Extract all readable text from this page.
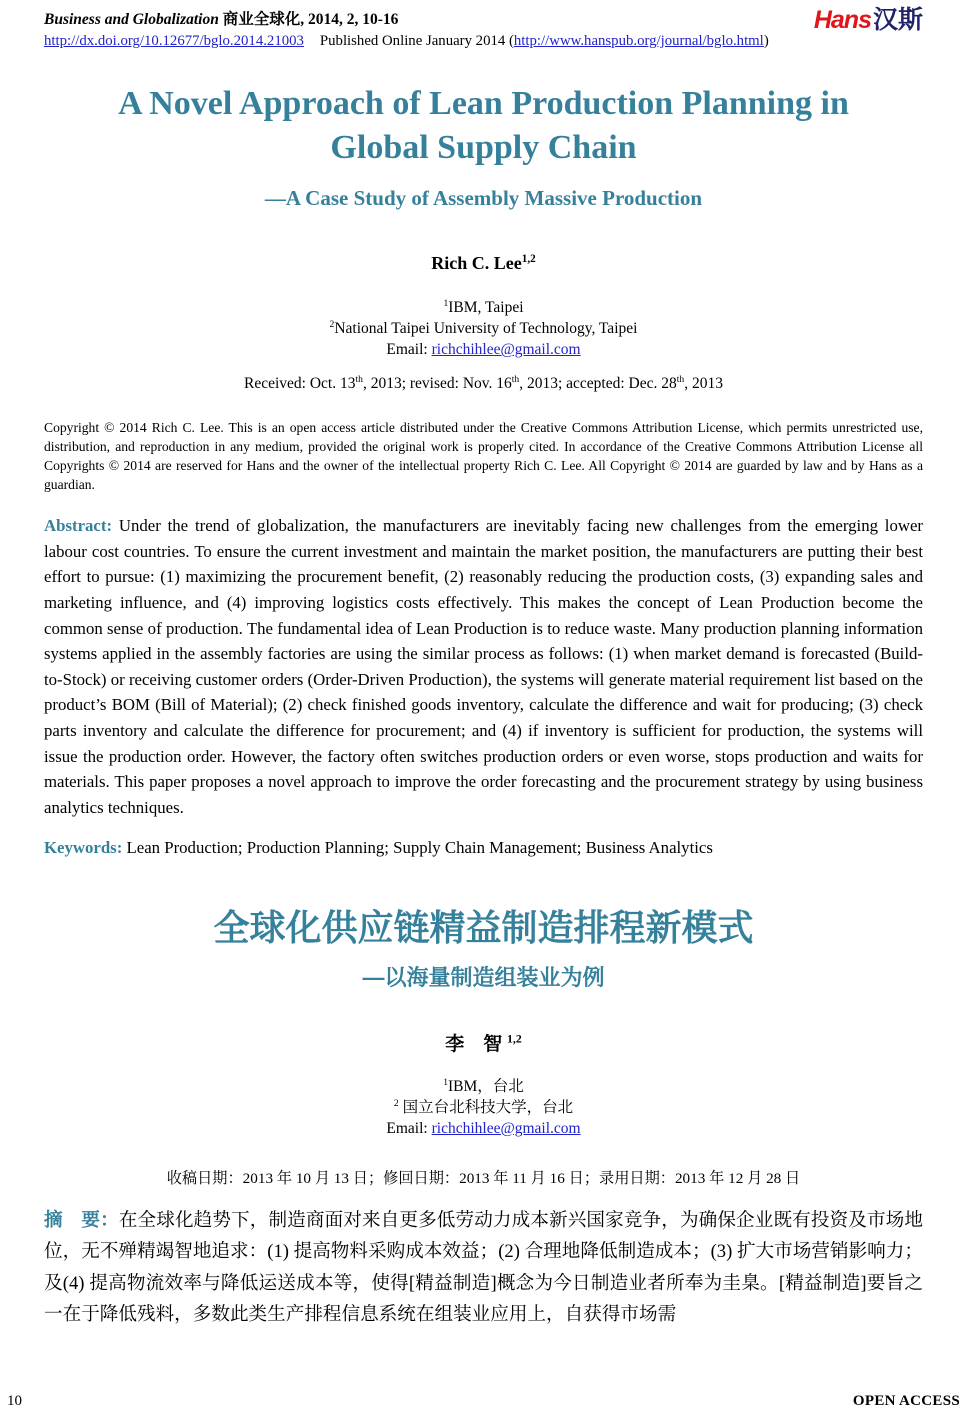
Business and Globalization 商业全球化, 2014, 2, 10-16
http://dx.doi.org/10.12677/bglo.2014.21003 Published Online January 2014 (http://www.hanspub.org/journal/bglo.html)
Hans汉斯
A Novel Approach of Lean Production Planning in Global Supply Chain
—A Case Study of Assembly Massive Production
Rich C. Lee$^{1,2}$
$^1$IBM, Taipei
$^2$National Taipei University of Technology, Taipei
Email: richchihlee@gmail.com
Received: Oct. 13th, 2013; revised: Nov. 16th, 2013; accepted: Dec. 28th, 2013

Copyright © 2014 Rich C. Lee. This is an open access article distributed under the Creative Commons Attribution License, which permits unrestricted use, distribution, and reproduction in any medium, provided the original work is properly cited. In accordance of the Creative Commons Attribution License all Copyrights © 2014 are reserved for Hans and the owner of the intellectual property Rich C. Lee. All Copyright © 2014 are guarded by law and by Hans as a guardian.

Abstract: Under the trend of globalization, the manufacturers are inevitably facing new challenges from the emerging lower labour cost countries. To ensure the current investment and maintain the market position, the manufacturers are putting their best effort to pursue: (1) maximizing the procurement benefit, (2) reasonably reducing the production costs, (3) expanding sales and marketing influence, and (4) improving logistics costs effectively. This makes the concept of Lean Production become the common sense of production. The fundamental idea of Lean Production is to reduce waste. Many production planning information systems applied in the assembly factories are using the similar process as follows: (1) when market demand is forecasted (Build-to-Stock) or receiving customer orders (Order-Driven Production), the systems will generate material requirement list based on the product’s BOM (Bill of Material); (2) check finished goods inventory, calculate the difference and wait for producing; (3) check parts inventory and calculate the difference for procurement; and (4) if inventory is sufficient for production, the systems will issue the production order. However, the factory often switches production orders or even worse, stops production and waits for materials. This paper proposes a novel approach to improve the order forecasting and the procurement strategy by using business analytics techniques.

Keywords: Lean Production; Production Planning; Supply Chain Management; Business Analytics

全球化供应链精益制造排程新模式
—以海量制造组装业为例
李　智 $^{1,2}$
$^1$IBM，台北
$^2$ 国立台北科技大学，台北
Email: richchihlee@gmail.com
收稿日期：2013 年 10 月 13 日；修回日期：2013 年 11 月 16 日；录用日期：2013 年 12 月 28 日

摘　要：在全球化趋势下，制造商面对来自更多低劳动力成本新兴国家竞争，为确保企业既有投资及市场地位，无不殚精竭智地追求：(1) 提高物料采购成本效益；(2) 合理地降低制造成本；(3) 扩大市场营销影响力；及(4) 提高物流效率与降低运送成本等，使得[精益制造]概念为今日制造业者所奉为圭臬。[精益制造]要旨之一在于降低残料，多数此类生产排程信息系统在组装业应用上，自获得市场需

10	OPEN ACCESS
